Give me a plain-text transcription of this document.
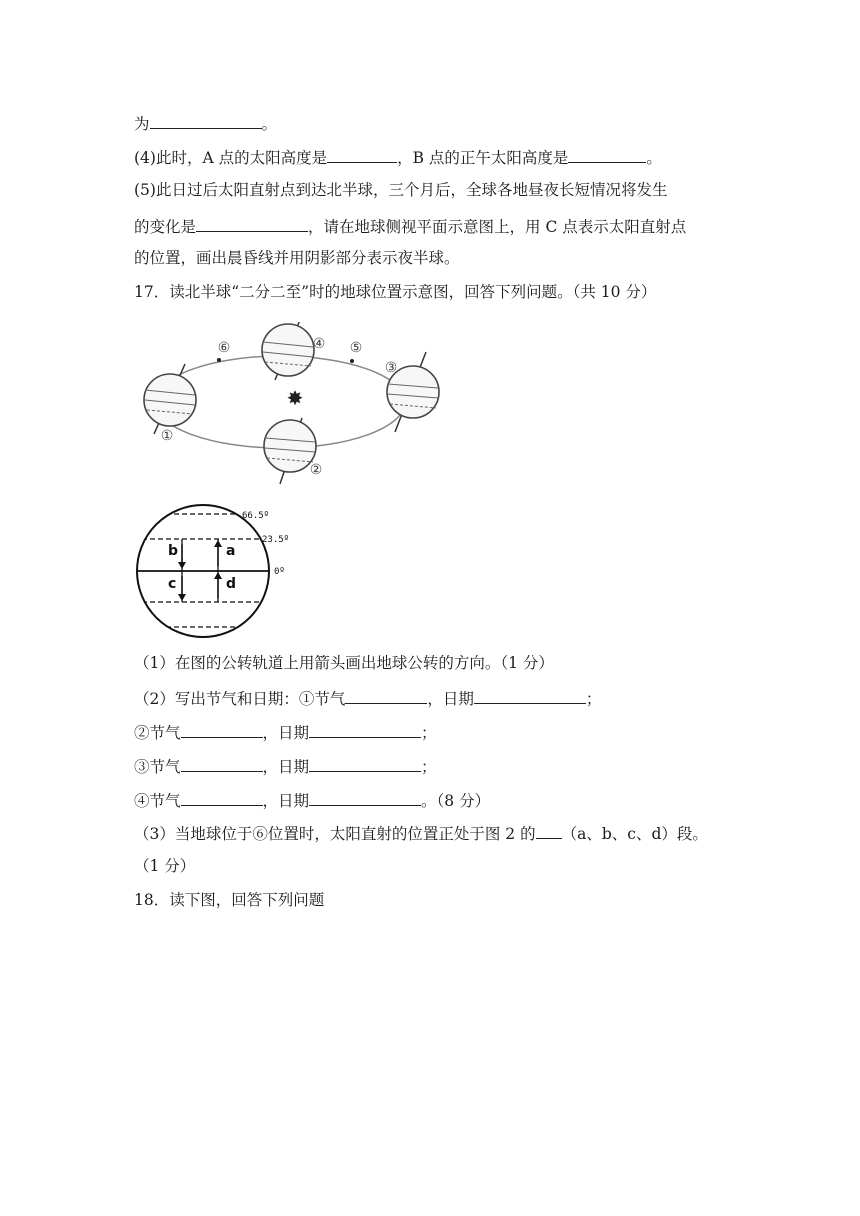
为	。
(4)此时，A 点的太阳高度是	，B 点的正午太阳高度是	。
(5)此日过后太阳直射点到达北半球，三个月后，全球各地昼夜长短情况将发生
的变化是	，请在地球侧视平面示意图上，用 C 点表示太阳直射点
的位置，画出晨昏线并用阴影部分表示夜半球。
17．读北半球“二分二至”时的地球位置示意图，回答下列问题。（共 10 分）
✸
①
④
③
②
⑤
⑥
b	a
c	d
66.5º
23.5º
0º
（1）在图的公转轨道上用箭头画出地球公转的方向。（1 分）
（2）写出节气和日期：①节气	，日期	；
②节气	，日期	；
③节气	，日期	；
④节气	，日期	。（8 分）
（3）当地球位于⑥位置时，太阳直射的位置正处于图 2 的 （a、b、c、d）段。
（1 分）
18．读下图，回答下列问题
